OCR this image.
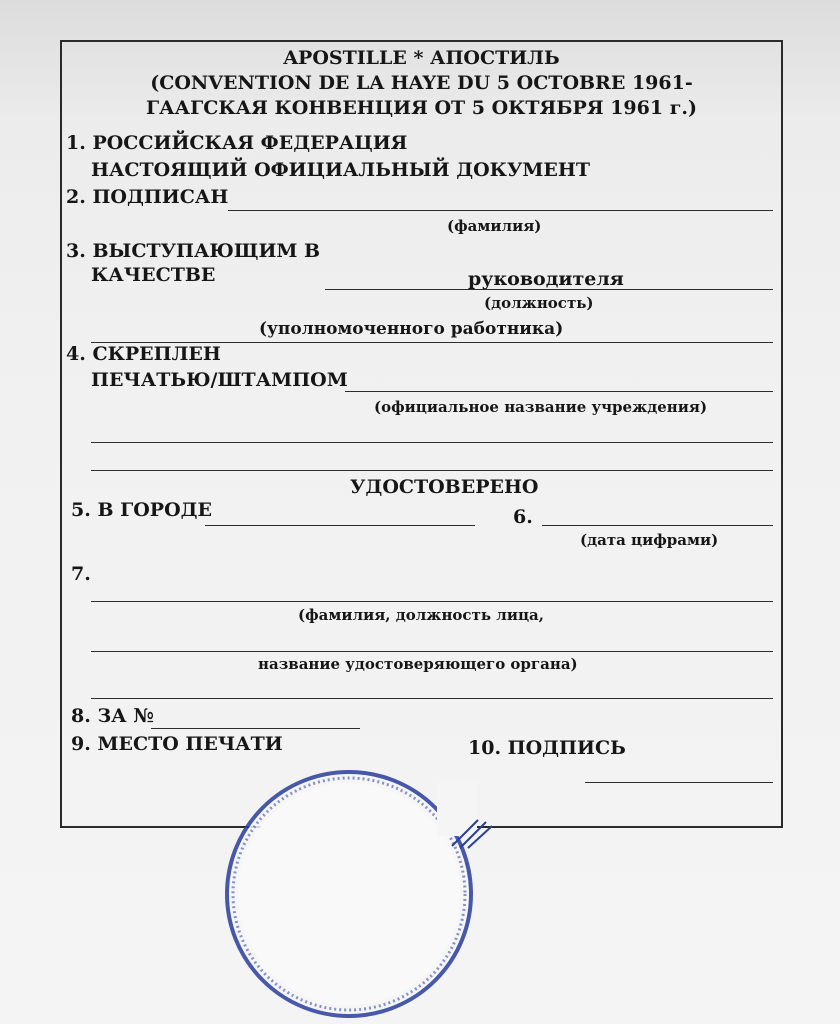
APOSTILLE * АПОСТИЛЬ
(CONVENTION DE LA HAYE DU 5 OCTOBRE 1961-
ГААГСКАЯ КОНВЕНЦИЯ ОТ 5 ОКТЯБРЯ 1961 г.)
1. РОССИЙСКАЯ ФЕДЕРАЦИЯ
НАСТОЯЩИЙ ОФИЦИАЛЬНЫЙ ДОКУМЕНТ
2. ПОДПИСАН
(фамилия)
3. ВЫСТУПАЮЩИМ В
КАЧЕСТВЕ	руководителя
(должность)
(уполномоченного работника)
4. СКРЕПЛЕН
ПЕЧАТЬЮ/ШТАМПОМ
(официальное название учреждения)
УДОСТОВЕРЕНО
5. В ГОРОДЕ	6.
(дата цифрами)
7.
(фамилия, должность лица,
название удостоверяющего органа)
8. ЗА №
9. МЕСТО ПЕЧАТИ	10. ПОДПИСЬ
